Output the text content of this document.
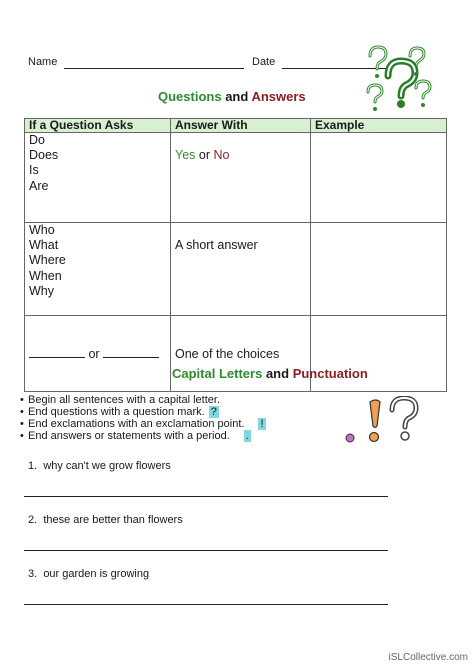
Name	Date
Questions and Answers
If a Question Asks	Answer With	Example

Do
Does
Is
Are	Yes or No	

Who
What
Where
When
Why	A short answer	

or	One of the choices	

Capital Letters and Punctuation
• Begin all sentences with a capital letter.
• End questions with a question mark. ?
• End exclamations with an exclamation point. !
• End answers or statements with a period. .
1. why can't we grow flowers
2. these are better than flowers
3. our garden is growing
iSLCollective.com
